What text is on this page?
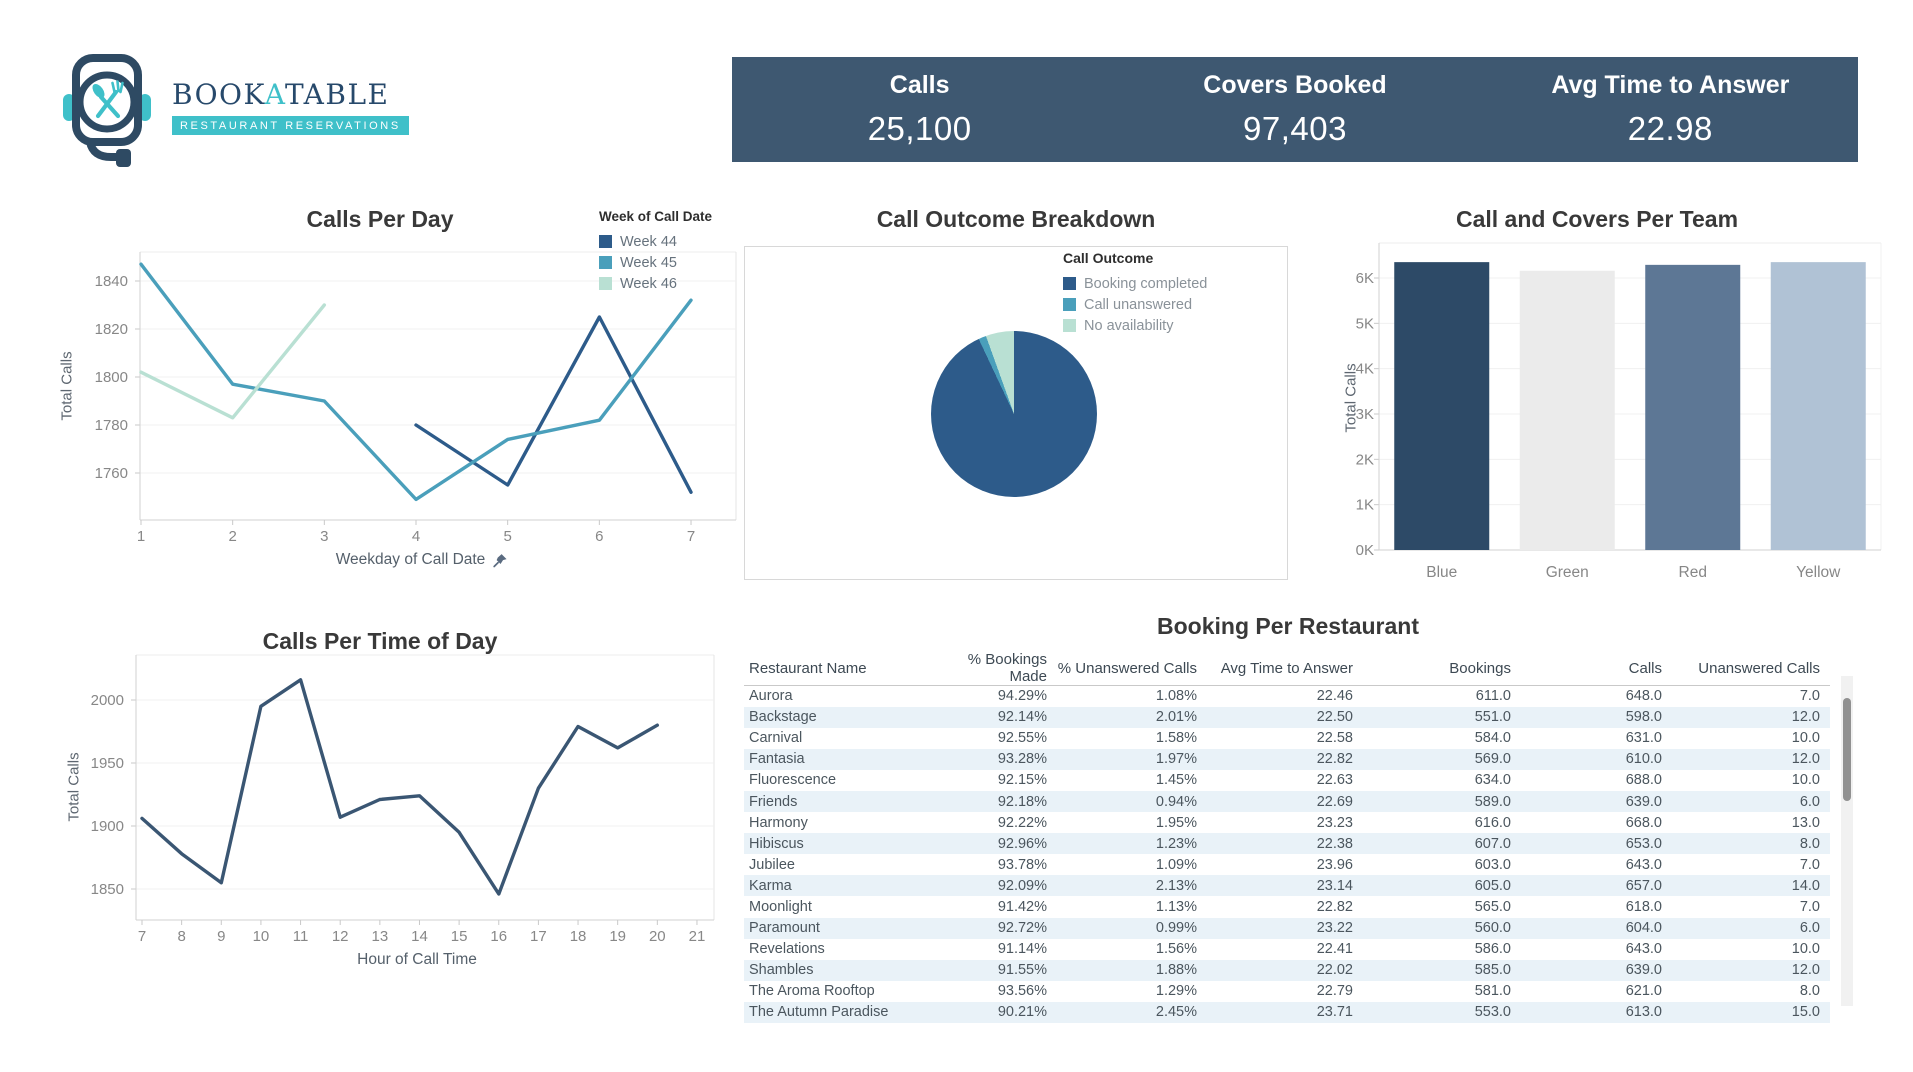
BOOKATABLE
RESTAURANT RESERVATIONS
Calls
25,100
Covers Booked
97,403
Avg Time to Answer
22.98
Calls Per Day	Call Outcome Breakdown	Call and Covers Per Team
Calls Per Time of Day
Booking Per Restaurant
1760
1780
1800
1820
1840
1	2	3	4	5	6	7
1850
1900
1950
2000
7 8 9 10 11 12 13 14 15 16 17 18 19 20 21
0K
1K
2K
3K
4K
5K
6K
Blue	Green	Red	Yellow
Total Calls
Total Calls
Total Calls
Weekday of Call Date
Hour of Call Time
Week of Call Date
Week 44
Week 45
Week 46
Call Outcome
Booking completed
Call unanswered
No availability
Restaurant Name	% Bookings Made	% Unanswered Calls	Avg Time to Answer	Bookings	Calls	Unanswered Calls
Aurora	94.29%	1.08%	22.46	611.0	648.0	7.0
Backstage	92.14%	2.01%	22.50	551.0	598.0	12.0
Carnival	92.55%	1.58%	22.58	584.0	631.0	10.0
Fantasia	93.28%	1.97%	22.82	569.0	610.0	12.0
Fluorescence	92.15%	1.45%	22.63	634.0	688.0	10.0
Friends	92.18%	0.94%	22.69	589.0	639.0	6.0
Harmony	92.22%	1.95%	23.23	616.0	668.0	13.0
Hibiscus	92.96%	1.23%	22.38	607.0	653.0	8.0
Jubilee	93.78%	1.09%	23.96	603.0	643.0	7.0
Karma	92.09%	2.13%	23.14	605.0	657.0	14.0
Moonlight	91.42%	1.13%	22.82	565.0	618.0	7.0
Paramount	92.72%	0.99%	23.22	560.0	604.0	6.0
Revelations	91.14%	1.56%	22.41	586.0	643.0	10.0
Shambles	91.55%	1.88%	22.02	585.0	639.0	12.0
The Aroma Rooftop	93.56%	1.29%	22.79	581.0	621.0	8.0
The Autumn Paradise	90.21%	2.45%	23.71	553.0	613.0	15.0
